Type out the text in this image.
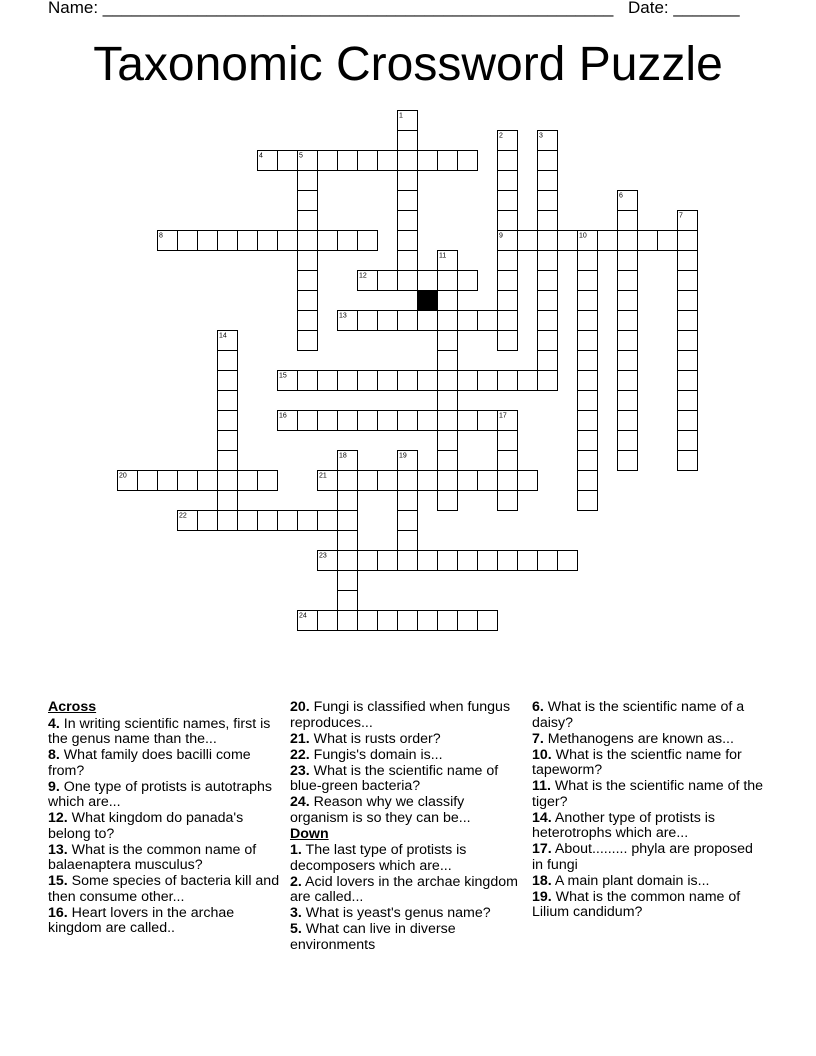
Name: ______________________________________________________ Date: _______
Taxonomic Crossword Puzzle
4
8	9
12
13
15
16
20	21
22
23
24
1
2	3
5
6
7
10
11
14
17
18	19
Across
4. In writing scientific names, first is the genus name than the...
8. What family does bacilli come from?
9. One type of protists is autotraphs which are...
12. What kingdom do panada's belong to?
13. What is the common name of balaenaptera musculus?
15. Some species of bacteria kill and then consume other...
16. Heart lovers in the archae kingdom are called..
20. Fungi is classified when fungus reproduces...
21. What is rusts order?
22. Fungis's domain is...
23. What is the scientific name of blue-green bacteria?
24. Reason why we classify organism is so they can be...
Down
1. The last type of protists is decomposers which are...
2. Acid lovers in the archae kingdom are called...
3. What is yeast's genus name?
5. What can live in diverse environments
6. What is the scientific name of a daisy?
7. Methanogens are known as...
10. What is the scientfic name for tapeworm?
11. What is the scientific name of the tiger?
14. Another type of protists is heterotrophs which are...
17. About......... phyla are proposed in fungi
18. A main plant domain is...
19. What is the common name of Lilium candidum?
